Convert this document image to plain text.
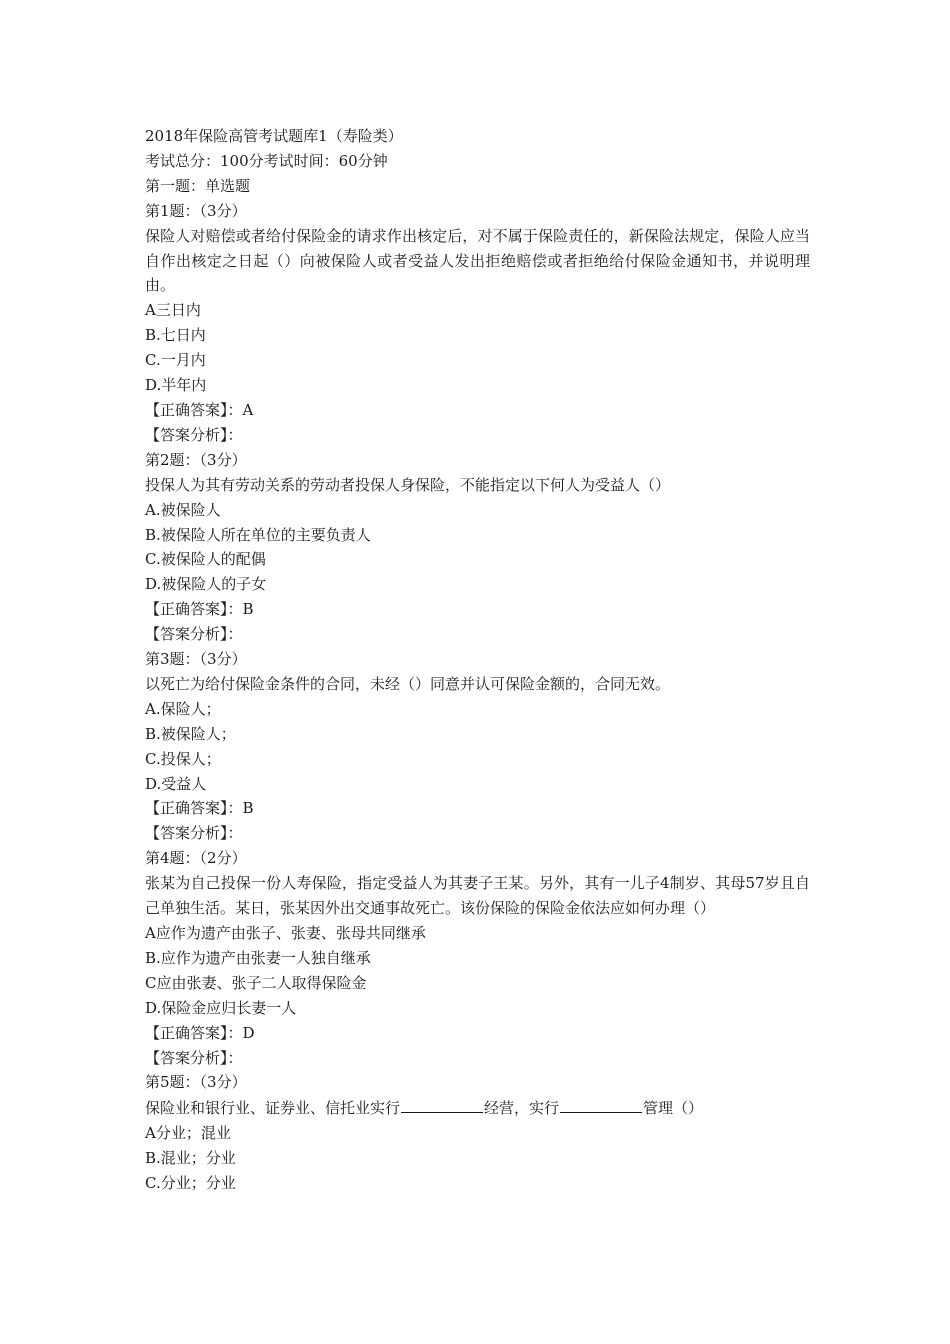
2018年保险高管考试题库1（寿险类）
考试总分：100分考试时间：60分钟
第一题：单选题
第1题：（3分）
保险人对赔偿或者给付保险金的请求作出核定后，对不属于保险责任的，新保险法规定，保险人应当自作出核定之日起（）向被保险人或者受益人发出拒绝赔偿或者拒绝给付保险金通知书，并说明理由。
A三日内
B.七日内
C.一月内
D.半年内
【正确答案】：A
【答案分析】：
第2题：（3分）
投保人为其有劳动关系的劳动者投保人身保险，不能指定以下何人为受益人（）
A.被保险人
B.被保险人所在单位的主要负责人
C.被保险人的配偶
D.被保险人的子女
【正确答案】：B
【答案分析】：
第3题：（3分）
以死亡为给付保险金条件的合同，未经（）同意并认可保险金额的，合同无效。
A.保险人；
B.被保险人；
C.投保人；
D.受益人
【正确答案】：B
【答案分析】：
第4题：（2分）
张某为自己投保一份人寿保险，指定受益人为其妻子王某。另外，其有一儿子4制岁、其母57岁且自己单独生活。某日，张某因外出交通事故死亡。该份保险的保险金依法应如何办理（）
A应作为遗产由张子、张妻、张母共同继承
B.应作为遗产由张妻一人独自继承
C应由张妻、张子二人取得保险金
D.保险金应归长妻一人
【正确答案】：D
【答案分析】：
第5题：（3分）
保险业和银行业、证券业、信托业实行	经营，实行	管理（）
A分业；混业
B.混业；分业
C.分业；分业
